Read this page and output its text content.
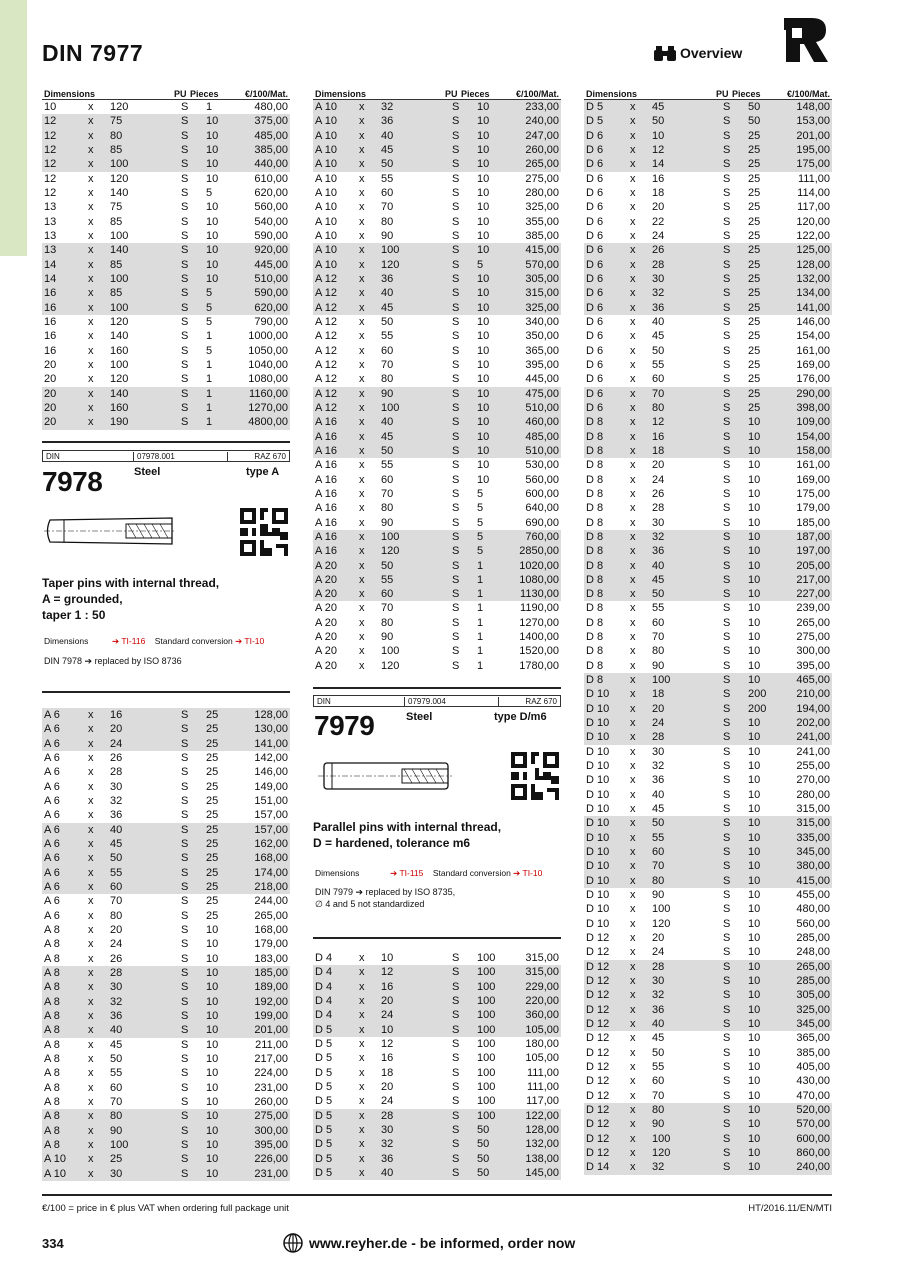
DIN 7977	Overview
Dimensions	PU Pieces	€/100/Mat.
10	x 120	S 1	480,00
12	x 75	S 10	375,00
12	x 80	S 10	485,00
12	x 85	S 10	385,00
12	x 100	S 10	440,00
12	x 120	S 10	610,00
12	x 140	S 5	620,00
13	x 75	S 10	560,00
13	x 85	S 10	540,00
13	x 100	S 10	590,00
13	x 140	S 10	920,00
14	x 85	S 10	445,00
14	x 100	S 10	510,00
16	x 85	S 5	590,00
16	x 100	S 5	620,00
16	x 120	S 5	790,00
16	x 140	S 1	1000,00
16	x 160	S 5	1050,00
20	x 100	S 1	1040,00
20	x 120	S 1	1080,00
20	x 140	S 1	1160,00
20	x 160	S 1	1270,00
20	x 190	S 1	4800,00
DIN	07978.001	RAZ 670
7978	Steel	type A
Taper pins with internal thread,
A = grounded,
taper 1 : 50
Dimensions	➔ TI-116 Standard conversion ➔ TI-10
DIN 7978 ➔ replaced by ISO 8736
A 6	x 16	S 25	128,00
A 6	x 20	S 25	130,00
A 6	x 24	S 25	141,00
A 6	x 26	S 25	142,00
A 6	x 28	S 25	146,00
A 6	x 30	S 25	149,00
A 6	x 32	S 25	151,00
A 6	x 36	S 25	157,00
A 6	x 40	S 25	157,00
A 6	x 45	S 25	162,00
A 6	x 50	S 25	168,00
A 6	x 55	S 25	174,00
A 6	x 60	S 25	218,00
A 6	x 70	S 25	244,00
A 6	x 80	S 25	265,00
A 8	x 20	S 10	168,00
A 8	x 24	S 10	179,00
A 8	x 26	S 10	183,00
A 8	x 28	S 10	185,00
A 8	x 30	S 10	189,00
A 8	x 32	S 10	192,00
A 8	x 36	S 10	199,00
A 8	x 40	S 10	201,00
A 8	x 45	S 10	211,00
A 8	x 50	S 10	217,00
A 8	x 55	S 10	224,00
A 8	x 60	S 10	231,00
A 8	x 70	S 10	260,00
A 8	x 80	S 10	275,00
A 8	x 90	S 10	300,00
A 8	x 100	S 10	395,00
A 10 x 25	S 10	226,00
A 10 x 30	S 10	231,00
Dimensions	PU Pieces	€/100/Mat.
A 10 x 32	S 10	233,00
A 10 x 36	S 10	240,00
A 10 x 40	S 10	247,00
A 10 x 45	S 10	260,00
A 10 x 50	S 10	265,00
A 10 x 55	S 10	275,00
A 10 x 60	S 10	280,00
A 10 x 70	S 10	325,00
A 10 x 80	S 10	355,00
A 10 x 90	S 10	385,00
A 10 x 100	S 10	415,00
A 10 x 120	S 5	570,00
A 12 x 36	S 10	305,00
A 12 x 40	S 10	315,00
A 12 x 45	S 10	325,00
A 12 x 50	S 10	340,00
A 12 x 55	S 10	350,00
A 12 x 60	S 10	365,00
A 12 x 70	S 10	395,00
A 12 x 80	S 10	445,00
A 12 x 90	S 10	475,00
A 12 x 100	S 10	510,00
A 16 x 40	S 10	460,00
A 16 x 45	S 10	485,00
A 16 x 50	S 10	510,00
A 16 x 55	S 10	530,00
A 16 x 60	S 10	560,00
A 16 x 70	S 5	600,00
A 16 x 80	S 5	640,00
A 16 x 90	S 5	690,00
A 16 x 100	S 5	760,00
A 16 x 120	S 5	2850,00
A 20 x 50	S 1	1020,00
A 20 x 55	S 1	1080,00
A 20 x 60	S 1	1130,00
A 20 x 70	S 1	1190,00
A 20 x 80	S 1	1270,00
A 20 x 90	S 1	1400,00
A 20 x 100	S 1	1520,00
A 20 x 120	S 1	1780,00
DIN	07979.004	RAZ 670
7979	Steel	type D/m6
Parallel pins with internal thread,
D = hardened, tolerance m6
Dimensions	➔ TI-115 Standard conversion ➔ TI-10
DIN 7979 ➔ replaced by ISO 8735,
∅ 4 and 5 not standardized
D 4 x 10	S 100	315,00
D 4 x 12	S 100	315,00
D 4 x 16	S 100	229,00
D 4 x 20	S 100	220,00
D 4 x 24	S 100	360,00
D 5 x 10	S 100	105,00
D 5 x 12	S 100	180,00
D 5 x 16	S 100	105,00
D 5 x 18	S 100	111,00
D 5 x 20	S 100	111,00
D 5 x 24	S 100	117,00
D 5 x 28	S 100	122,00
D 5 x 30	S 50	128,00
D 5 x 32	S 50	132,00
D 5 x 36	S 50	138,00
D 5 x 40	S 50	145,00
Dimensions	PU Pieces	€/100/Mat.
D 5 x 45	S 50	148,00
D 5 x 50	S 50	153,00
D 6 x 10	S 25	201,00
D 6 x 12	S 25	195,00
D 6 x 14	S 25	175,00
D 6 x 16	S 25	111,00
D 6 x 18	S 25	114,00
D 6 x 20	S 25	117,00
D 6 x 22	S 25	120,00
D 6 x 24	S 25	122,00
D 6 x 26	S 25	125,00
D 6 x 28	S 25	128,00
D 6 x 30	S 25	132,00
D 6 x 32	S 25	134,00
D 6 x 36	S 25	141,00
D 6 x 40	S 25	146,00
D 6 x 45	S 25	154,00
D 6 x 50	S 25	161,00
D 6 x 55	S 25	169,00
D 6 x 60	S 25	176,00
D 6 x 70	S 25	290,00
D 6 x 80	S 25	398,00
D 8 x 12	S 10	109,00
D 8 x 16	S 10	154,00
D 8 x 18	S 10	158,00
D 8 x 20	S 10	161,00
D 8 x 24	S 10	169,00
D 8 x 26	S 10	175,00
D 8 x 28	S 10	179,00
D 8 x 30	S 10	185,00
D 8 x 32	S 10	187,00
D 8 x 36	S 10	197,00
D 8 x 40	S 10	205,00
D 8 x 45	S 10	217,00
D 8 x 50	S 10	227,00
D 8 x 55	S 10	239,00
D 8 x 60	S 10	265,00
D 8 x 70	S 10	275,00
D 8 x 80	S 10	300,00
D 8 x 90	S 10	395,00
D 8 x 100	S 10	465,00
D 10 x 18	S 200	210,00
D 10 x 20	S 200	194,00
D 10 x 24	S 10	202,00
D 10 x 28	S 10	241,00
D 10 x 30	S 10	241,00
D 10 x 32	S 10	255,00
D 10 x 36	S 10	270,00
D 10 x 40	S 10	280,00
D 10 x 45	S 10	315,00
D 10 x 50	S 10	315,00
D 10 x 55	S 10	335,00
D 10 x 60	S 10	345,00
D 10 x 70	S 10	380,00
D 10 x 80	S 10	415,00
D 10 x 90	S 10	455,00
D 10 x 100	S 10	480,00
D 10 x 120	S 10	560,00
D 12 x 20	S 10	285,00
D 12 x 24	S 10	248,00
D 12 x 28	S 10	265,00
D 12 x 30	S 10	285,00
D 12 x 32	S 10	305,00
D 12 x 36	S 10	325,00
D 12 x 40	S 10	345,00
D 12 x 45	S 10	365,00
D 12 x 50	S 10	385,00
D 12 x 55	S 10	405,00
D 12 x 60	S 10	430,00
D 12 x 70	S 10	470,00
D 12 x 80	S 10	520,00
D 12 x 90	S 10	570,00
D 12 x 100	S 10	600,00
D 12 x 120	S 10	860,00
D 14 x 32	S 10	240,00
€/100 = price in € plus VAT when ordering full package unit	HT/2016.11/EN/MTI
334	www.reyher.de - be informed, order now
